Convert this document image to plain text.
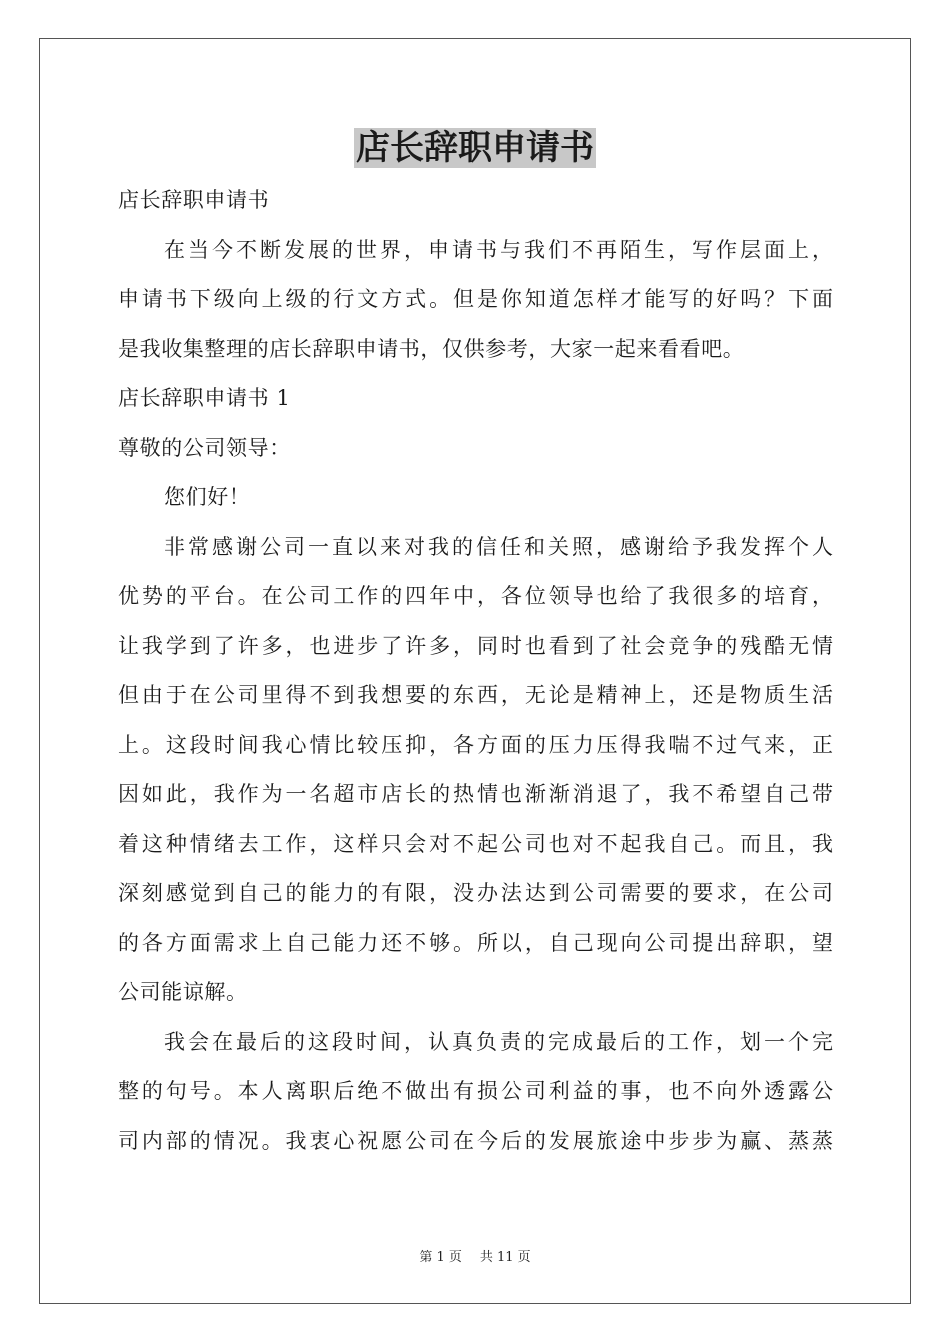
店长辞职申请书
店长辞职申请书
在当今不断发展的世界，申请书与我们不再陌生，写作层面上，
申请书下级向上级的行文方式。但是你知道怎样才能写的好吗？下面
是我收集整理的店长辞职申请书，仅供参考，大家一起来看看吧。
店长辞职申请书 1
尊敬的公司领导：
您们好！
非常感谢公司一直以来对我的信任和关照，感谢给予我发挥个人
优势的平台。在公司工作的四年中，各位领导也给了我很多的培育，
让我学到了许多，也进步了许多，同时也看到了社会竞争的残酷无情
但由于在公司里得不到我想要的东西，无论是精神上，还是物质生活
上。这段时间我心情比较压抑，各方面的压力压得我喘不过气来，正
因如此，我作为一名超市店长的热情也渐渐消退了，我不希望自己带
着这种情绪去工作，这样只会对不起公司也对不起我自己。而且，我
深刻感觉到自己的能力的有限，没办法达到公司需要的要求，在公司
的各方面需求上自己能力还不够。所以，自己现向公司提出辞职，望
公司能谅解。
我会在最后的这段时间，认真负责的完成最后的工作，划一个完
整的句号。本人离职后绝不做出有损公司利益的事，也不向外透露公
司内部的情况。我衷心祝愿公司在今后的发展旅途中步步为赢、蒸蒸
第 1 页 共 11 页
